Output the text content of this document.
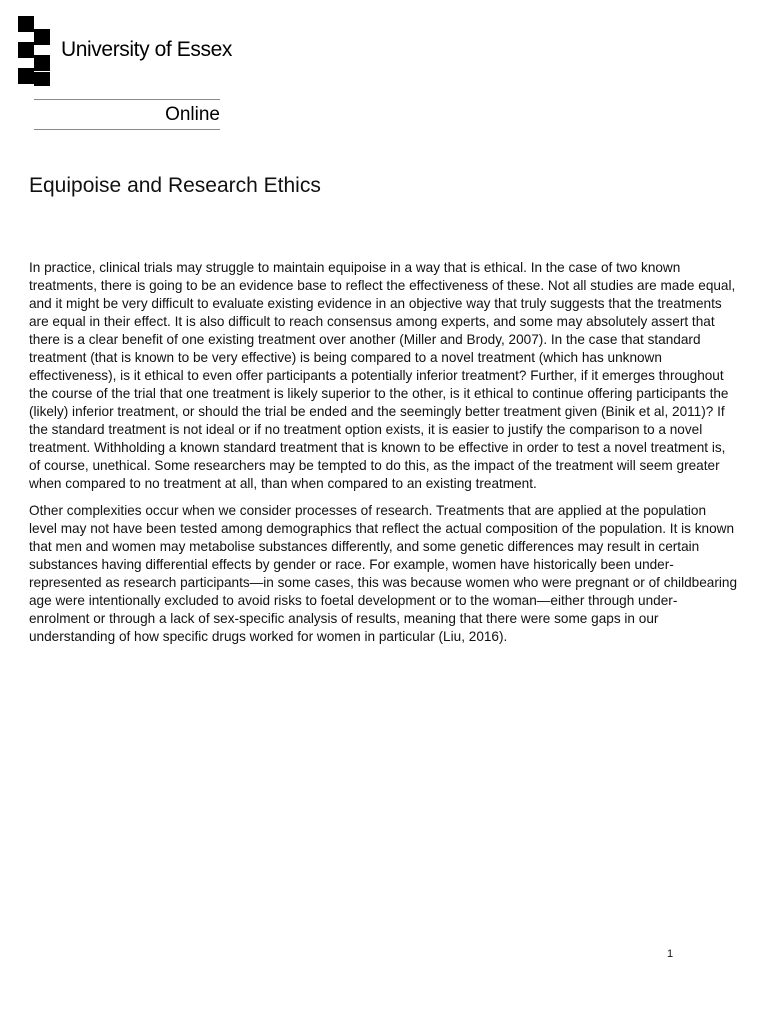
University of Essex
Online
Equipoise and Research Ethics

In practice, clinical trials may struggle to maintain equipoise in a way that is ethical. In the case of two known treatments, there is going to be an evidence base to reflect the effectiveness of these. Not all studies are made equal, and it might be very difficult to evaluate existing evidence in an objective way that truly suggests that the treatments are equal in their effect. It is also difficult to reach consensus among experts, and some may absolutely assert that there is a clear benefit of one existing treatment over another (Miller and Brody, 2007). In the case that standard treatment (that is known to be very effective) is being compared to a novel treatment (which has unknown effectiveness), is it ethical to even offer participants a potentially inferior treatment? Further, if it emerges throughout the course of the trial that one treatment is likely superior to the other, is it ethical to continue offering participants the (likely) inferior treatment, or should the trial be ended and the seemingly better treatment given (Binik et al, 2011)? If the standard treatment is not ideal or if no treatment option exists, it is easier to justify the comparison to a novel treatment. Withholding a known standard treatment that is known to be effective in order to test a novel treatment is, of course, unethical. Some researchers may be tempted to do this, as the impact of the treatment will seem greater when compared to no treatment at all, than when compared to an existing treatment.

Other complexities occur when we consider processes of research. Treatments that are applied at the population level may not have been tested among demographics that reflect the actual composition of the population. It is known that men and women may metabolise substances differently, and some genetic differences may result in certain substances having differential effects by gender or race. For example, women have historically been under-represented as research participants—in some cases, this was because women who were pregnant or of childbearing age were intentionally excluded to avoid risks to foetal development or to the woman—either through under-enrolment or through a lack of sex-specific analysis of results, meaning that there were some gaps in our understanding of how specific drugs worked for women in particular (Liu, 2016).

1
